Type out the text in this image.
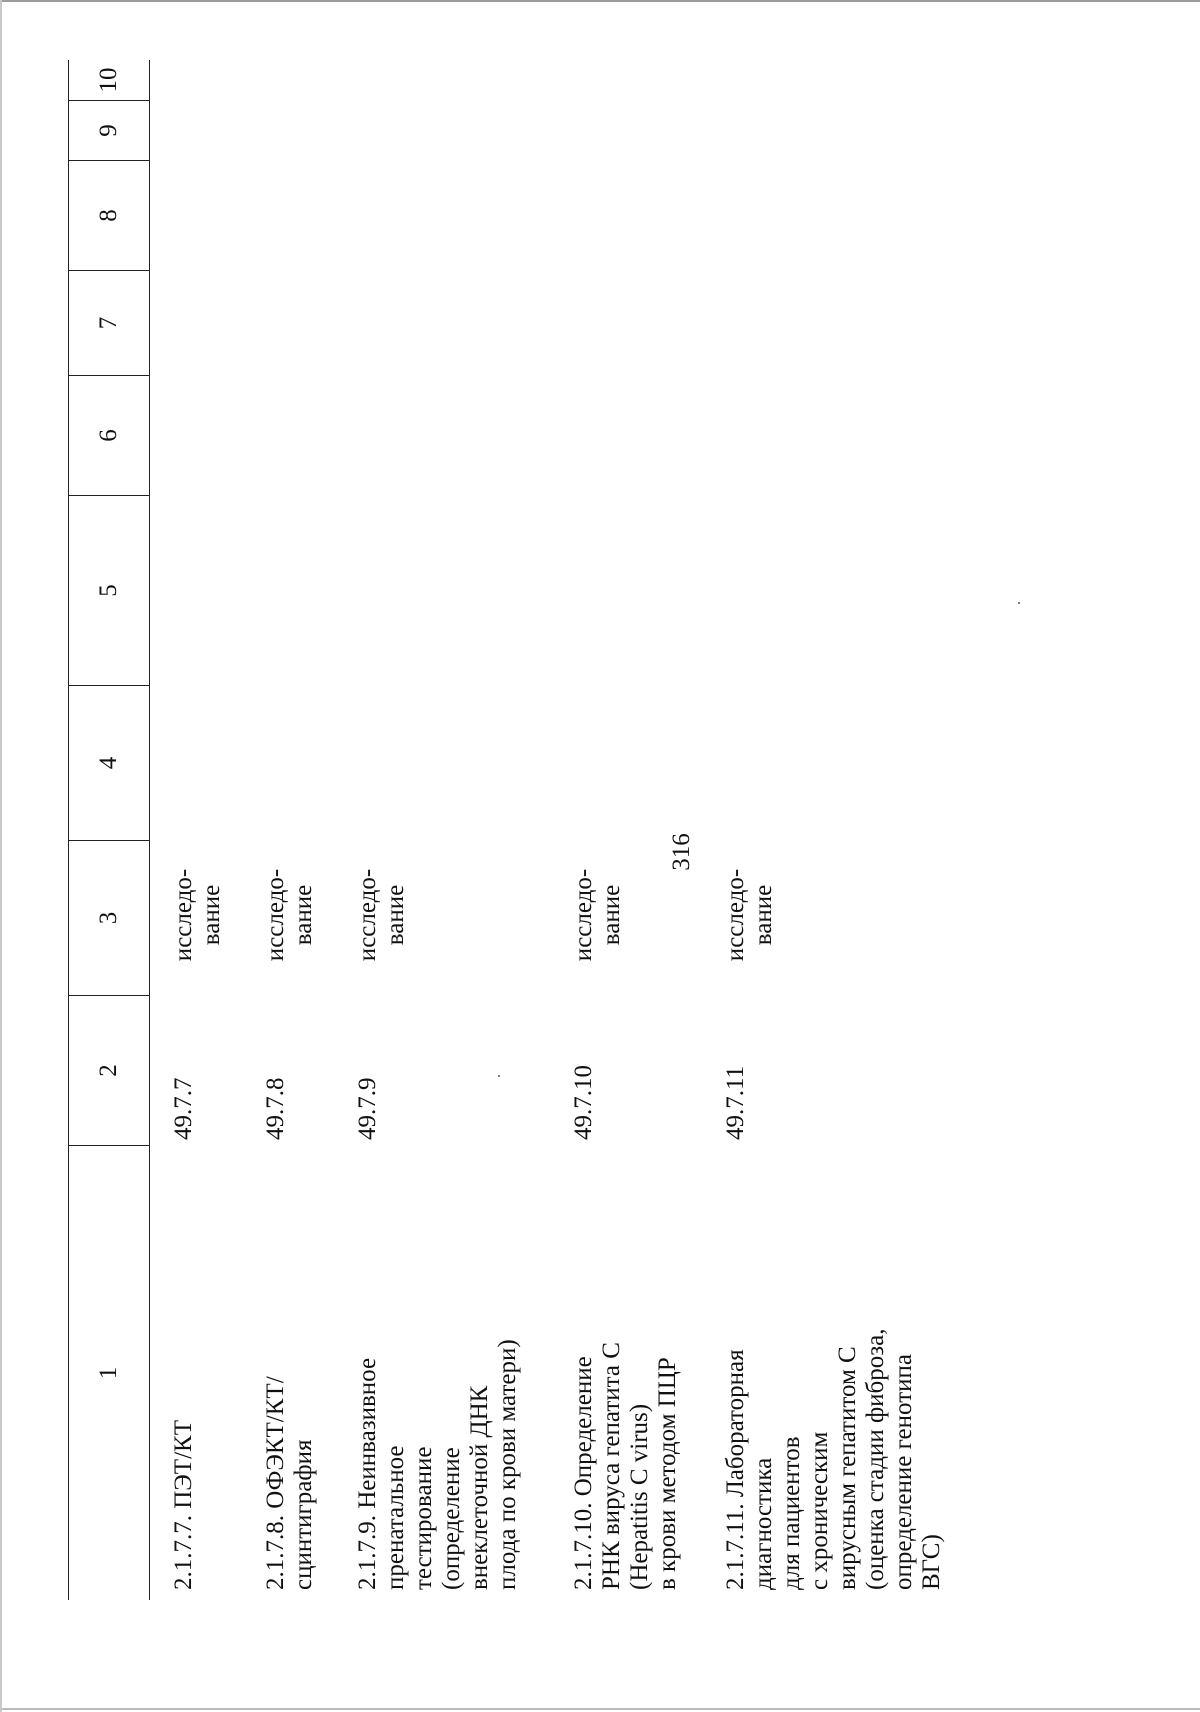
316
1
2
3
4
5
6
7
8
9
10
2.1.7.7. ПЭТ/КТ
49.7.7
исследо-
вание
2.1.7.8. ОФЭКТ/КТ/
сцинтиграфия
49.7.8
исследо-
вание
2.1.7.9. Неинвазивное
пренатальное
тестирование
(определение
внеклеточной ДНК
плода по крови матери)
49.7.9
исследо-
вание
2.1.7.10. Определение
РНК вируса гепатита С
(Hepatitis C virus)
в крови методом ПЦР
49.7.10
исследо-
вание
2.1.7.11. Лабораторная
диагностика
для пациентов
с хроническим
вирусным гепатитом С
(оценка стадии фиброза,
определение генотипа
ВГС)
49.7.11
исследо-
вание
